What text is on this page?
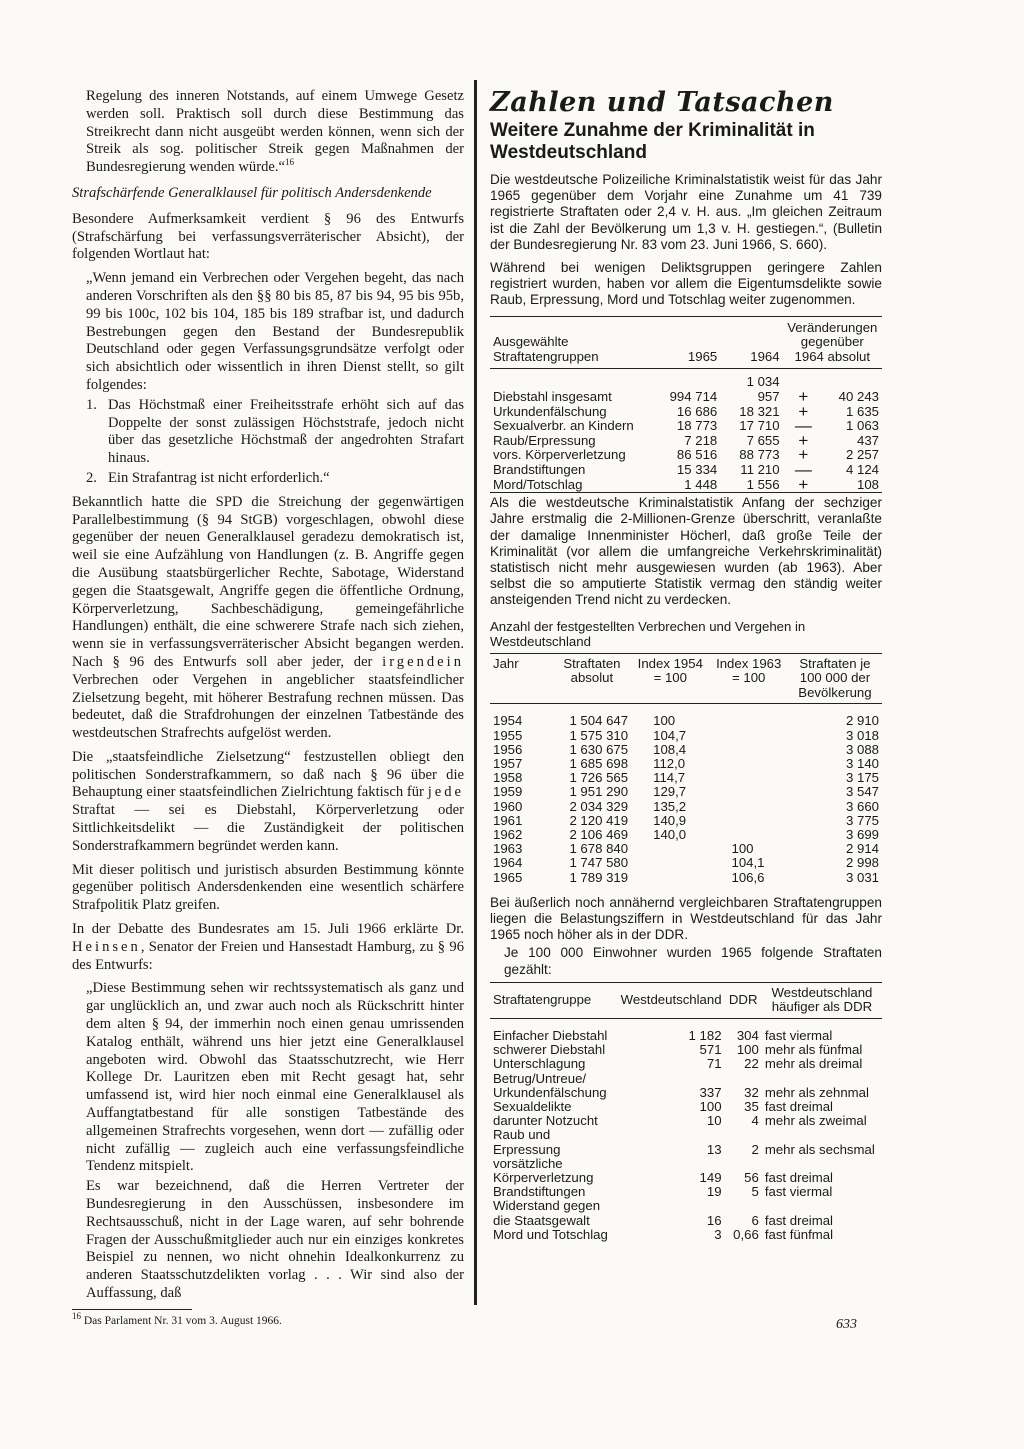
Regelung des inneren Notstands, auf einem Umwege Gesetz werden soll. Praktisch soll durch diese Bestimmung das Streikrecht dann nicht ausgeübt werden können, wenn sich der Streik als sog. politischer Streik gegen Maßnahmen der Bundesregierung wenden würde.“$^{16}$

Strafschärfende Generalklausel für politisch Andersdenkende

Besondere Aufmerksamkeit verdient § 96 des Entwurfs (Strafschärfung bei verfassungsverräterischer Absicht), der folgenden Wortlaut hat:

„Wenn jemand ein Verbrechen oder Vergehen begeht, das nach anderen Vorschriften als den §§ 80 bis 85, 87 bis 94, 95 bis 95b, 99 bis 100c, 102 bis 104, 185 bis 189 strafbar ist, und dadurch Bestrebungen gegen den Bestand der Bundesrepublik Deutschland oder gegen Verfassungsgrundsätze verfolgt oder sich absichtlich oder wissentlich in ihren Dienst stellt, so gilt folgendes:

1. Das Höchstmaß einer Freiheitsstrafe erhöht sich auf das Doppelte der sonst zulässigen Höchststrafe, jedoch nicht über das gesetzliche Höchstmaß der angedrohten Strafart hinaus.
2. Ein Strafantrag ist nicht erforderlich.“

Bekanntlich hatte die SPD die Streichung der gegenwärtigen Parallelbestimmung (§ 94 StGB) vorgeschlagen, obwohl diese gegenüber der neuen Generalklausel geradezu demokratisch ist, weil sie eine Aufzählung von Handlungen (z. B. Angriffe gegen die Ausübung staatsbürgerlicher Rechte, Sabotage, Widerstand gegen die Staatsgewalt, Angriffe gegen die öffentliche Ordnung, Körperverletzung, Sachbeschädigung, gemeingefährliche Handlungen) enthält, die eine schwerere Strafe nach sich ziehen, wenn sie in verfassungsverräterischer Absicht begangen werden. Nach § 96 des Entwurfs soll aber jeder, der irgendein Verbrechen oder Vergehen in angeblicher staatsfeindlicher Zielsetzung begeht, mit höherer Bestrafung rechnen müssen. Das bedeutet, daß die Strafdrohungen der einzelnen Tatbestände des westdeutschen Strafrechts aufgelöst werden.

Die „staatsfeindliche Zielsetzung“ festzustellen obliegt den politischen Sonderstrafkammern, so daß nach § 96 über die Behauptung einer staatsfeindlichen Zielrichtung faktisch für jede Straftat — sei es Diebstahl, Körperverletzung oder Sittlichkeitsdelikt — die Zuständigkeit der politischen Sonderstrafkammern begründet werden kann.

Mit dieser politisch und juristisch absurden Bestimmung könnte gegenüber politisch Andersdenkenden eine wesentlich schärfere Strafpolitik Platz greifen.

In der Debatte des Bundesrates am 15. Juli 1966 erklärte Dr. Heinsen, Senator der Freien und Hansestadt Hamburg, zu § 96 des Entwurfs:

„Diese Bestimmung sehen wir rechtssystematisch als ganz und gar unglücklich an, und zwar auch noch als Rückschritt hinter dem alten § 94, der immerhin noch einen genau umrissenden Katalog enthält, während uns hier jetzt eine Generalklausel angeboten wird. Obwohl das Staatsschutzrecht, wie Herr Kollege Dr. Lauritzen eben mit Recht gesagt hat, sehr umfassend ist, wird hier noch einmal eine Generalklausel als Auffangtatbestand für alle sonstigen Tatbestände des allgemeinen Strafrechts vorgesehen, wenn dort — zufällig oder nicht zufällig — zugleich auch eine verfassungsfeindliche Tendenz mitspielt.

Es war bezeichnend, daß die Herren Vertreter der Bundesregierung in den Ausschüssen, insbesondere im Rechtsausschuß, nicht in der Lage waren, auf sehr bohrende Fragen der Ausschußmitglieder auch nur ein einziges konkretes Beispiel zu nennen, wo nicht ohnehin Idealkonkurrenz zu anderen Staatsschutzdelikten vorlag . . . Wir sind also der Auffassung, daß

$^{16}$ Das Parlament Nr. 31 vom 3. August 1966.
Zahlen und Tatsachen
Weitere Zunahme der Kriminalität in Westdeutschland

Die westdeutsche Polizeiliche Kriminalstatistik weist für das Jahr 1965 gegenüber dem Vorjahr eine Zunahme um 41 739 registrierte Straftaten oder 2,4 v. H. aus. „Im gleichen Zeitraum ist die Zahl der Bevölkerung um 1,3 v. H. gestiegen.“, (Bulletin der Bundesregierung Nr. 83 vom 23. Juni 1966, S. 660).

Während bei wenigen Deliktsgruppen geringere Zahlen registriert wurden, haben vor allem die Eigentumsdelikte sowie Raub, Erpressung, Mord und Totschlag weiter zugenommen.

Ausgewählte Straftatengruppen	1965	1964	Veränderungen gegenüber 1964 absolut	
Diebstahl insgesamt	994 714	1 034 957	+	40 243
Urkundenfälschung	16 686	18 321	+	1 635
Sexualverbr. an Kindern	18 773	17 710	—	1 063
Raub/Erpressung	7 218	7 655	+	437
vors. Körperverletzung	86 516	88 773	+	2 257
Brandstiftungen	15 334	11 210	—	4 124
Mord/Totschlag	1 448	1 556	+	108

Als die westdeutsche Kriminalstatistik Anfang der sechziger Jahre erstmalig die 2-Millionen-Grenze überschritt, veranlaßte der damalige Innenminister Höcherl, daß große Teile der Kriminalität (vor allem die umfangreiche Verkehrskriminalität) statistisch nicht mehr ausgewiesen wurden (ab 1963). Aber selbst die so amputierte Statistik vermag den ständig weiter ansteigenden Trend nicht zu verdecken.

Anzahl der festgestellten Verbrechen und Vergehen in Westdeutschland
Jahr	Straftaten absolut	Index 1954 = 100	Index 1963 = 100	Straftaten je 100 000 der Bevölkerung
1954	1 504 647	100		2 910
1955	1 575 310	104,7		3 018
1956	1 630 675	108,4		3 088
1957	1 685 698	112,0		3 140
1958	1 726 565	114,7		3 175
1959	1 951 290	129,7		3 547
1960	2 034 329	135,2		3 660
1961	2 120 419	140,9		3 775
1962	2 106 469	140,0		3 699
1963	1 678 840		100	2 914
1964	1 747 580		104,1	2 998
1965	1 789 319		106,6	3 031

Bei äußerlich noch annähernd vergleichbaren Straftatengruppen liegen die Belastungsziffern in Westdeutschland für das Jahr 1965 noch höher als in der DDR.

Je 100 000 Einwohner wurden 1965 folgende Straftaten gezählt:

Straftatengruppe	Westdeutschland	DDR	Westdeutschland häufiger als DDR
Einfacher Diebstahl	1 182	304	fast viermal
schwerer Diebstahl	571	100	mehr als fünfmal
Unterschlagung	71	22	mehr als dreimal
Betrug/Untreue/ Urkundenfälschung	337	32	mehr als zehnmal
Sexualdelikte	100	35	fast dreimal
darunter Notzucht	10	4	mehr als zweimal
Raub und Erpressung	13	2	mehr als sechsmal
vorsätzliche Körperverletzung	149	56	fast dreimal
Brandstiftungen	19	5	fast viermal
Widerstand gegen die Staatsgewalt	16	6	fast dreimal
Mord und Totschlag	3	0,66	fast fünfmal
633
